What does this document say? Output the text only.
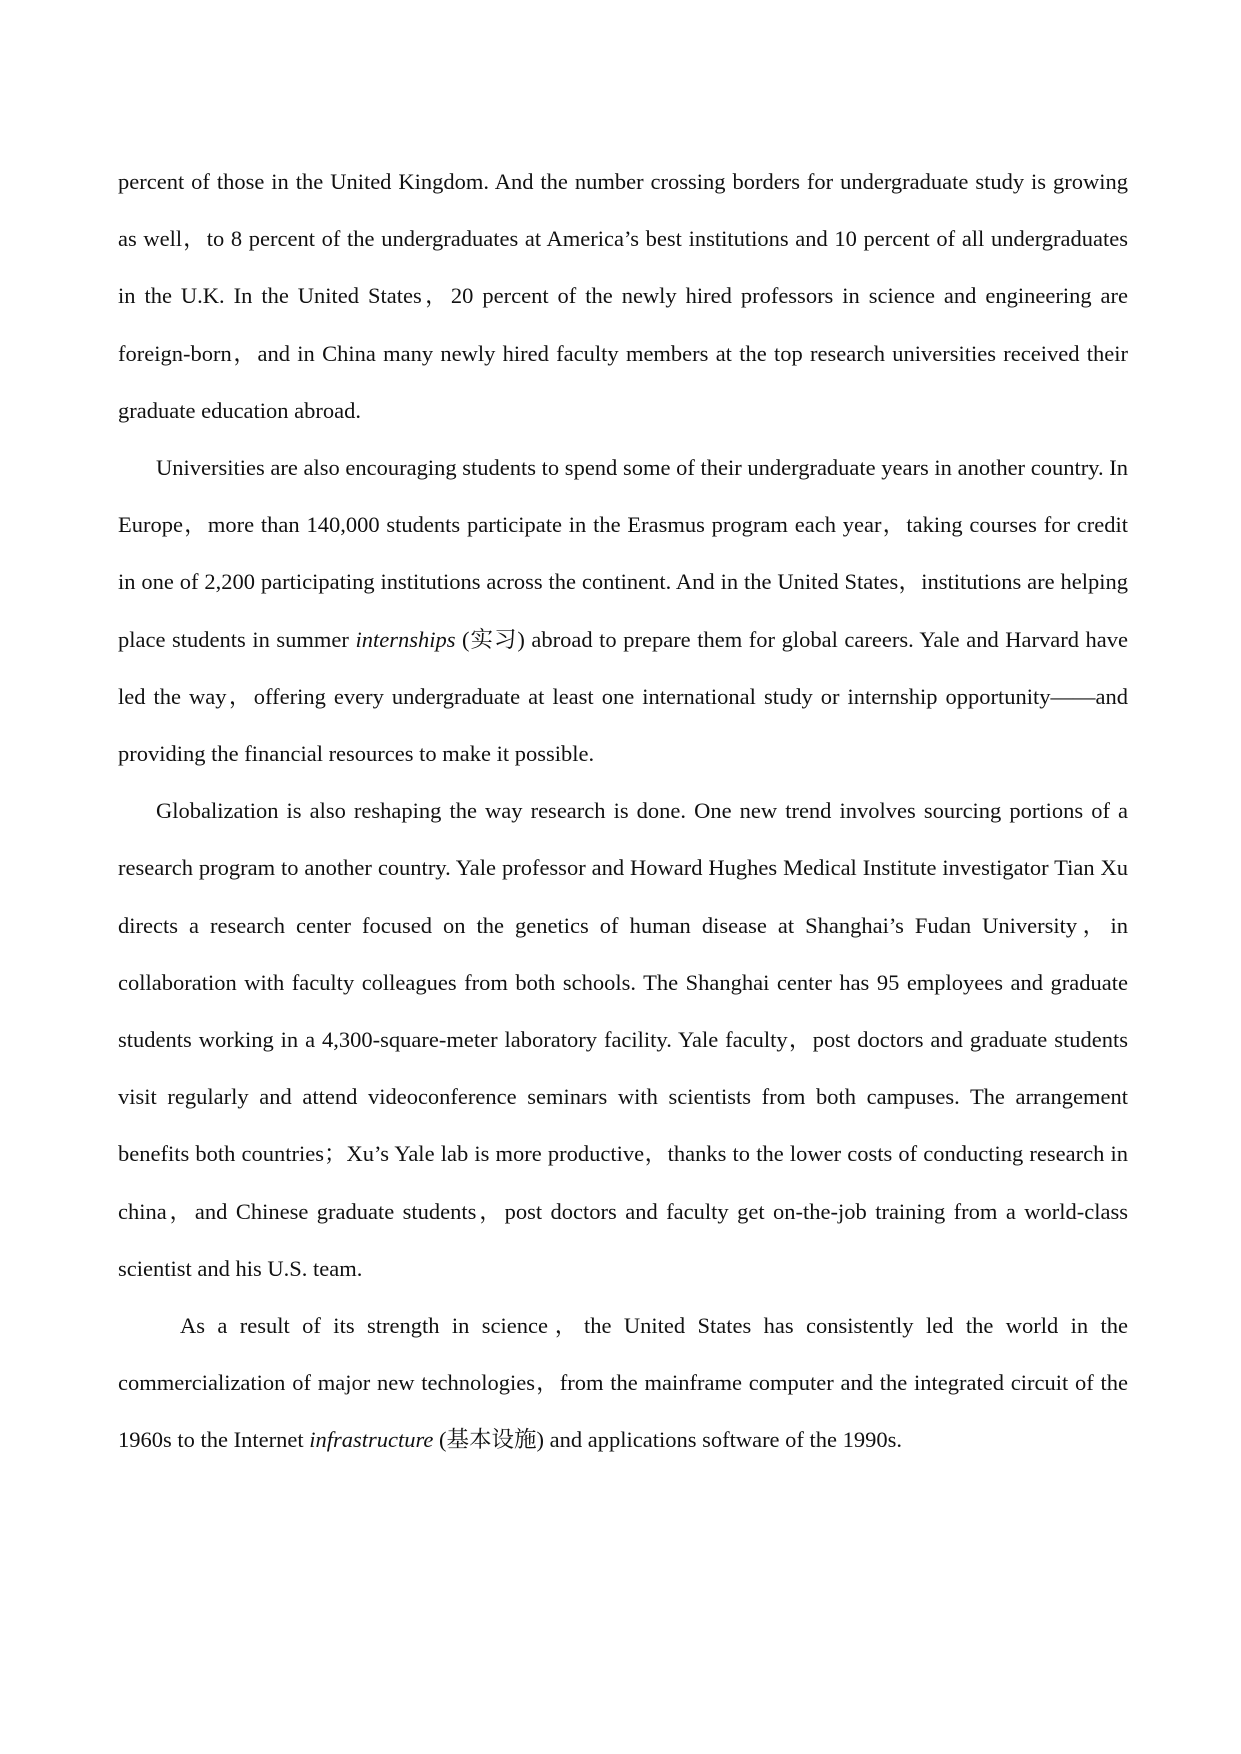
percent of those in the United Kingdom. And the number crossing borders for undergraduate study is growing as well，to 8 percent of the undergraduates at America’s best institutions and 10 percent of all undergraduates in the U.K. In the United States，20 percent of the newly hired professors in science and engineering are foreign-born，and in China many newly hired faculty members at the top research universities received their graduate education abroad.

Universities are also encouraging students to spend some of their undergraduate years in another country. In Europe，more than 140,000 students participate in the Erasmus program each year，taking courses for credit in one of 2,200 participating institutions across the continent. And in the United States，institutions are helping place students in summer internships (实习) abroad to prepare them for global careers. Yale and Harvard have led the way，offering every undergraduate at least one international study or internship opportunity——and providing the financial resources to make it possible.

Globalization is also reshaping the way research is done. One new trend involves sourcing portions of a research program to another country. Yale professor and Howard Hughes Medical Institute investigator Tian Xu directs a research center focused on the genetics of human disease at Shanghai’s Fudan University，in collaboration with faculty colleagues from both schools. The Shanghai center has 95 employees and graduate students working in a 4,300-square-meter laboratory facility. Yale faculty，post doctors and graduate students visit regularly and attend videoconference seminars with scientists from both campuses. The arrangement benefits both countries；Xu’s Yale lab is more productive，thanks to the lower costs of conducting research in china，and Chinese graduate students，post doctors and faculty get on-the-job training from a world-class scientist and his U.S. team.

As a result of its strength in science，the United States has consistently led the world in the commercialization of major new technologies，from the mainframe computer and the integrated circuit of the 1960s to the Internet infrastructure (基本设施) and applications software of the 1990s.
